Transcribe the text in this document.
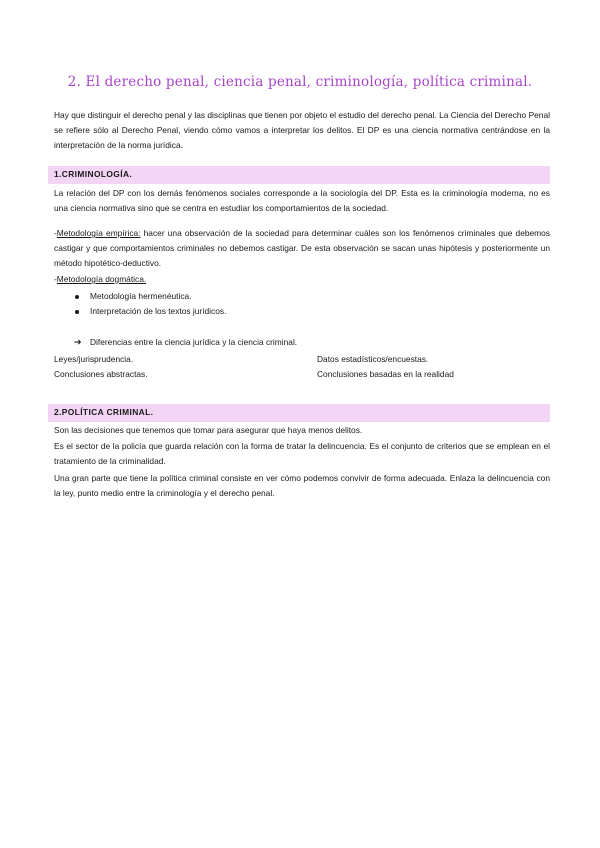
2. El derecho penal, ciencia penal, criminología, política criminal.

Hay que distinguir el derecho penal y las disciplinas que tienen por objeto el estudio del derecho penal. La Ciencia del Derecho Penal se refiere sólo al Derecho Penal, viendo cómo vamos a interpretar los delitos. El DP es una ciencia normativa centrándose en la interpretación de la norma jurídica.

1.CRIMINOLOGÍA.

La relación del DP con los demás fenómenos sociales corresponde a la sociología del DP. Esta es la criminología moderna, no es una ciencia normativa sino que se centra en estudiar los comportamientos de la sociedad.

-Metodología empírica: hacer una observación de la sociedad para determinar cuáles son los fenómenos criminales que debemos castigar y que comportamientos criminales no debemos castigar. De esta observación se sacan unas hipótesis y posteriormente un método hipotético-deductivo.

-Metodología dogmática.
Metodología hermenéutica.
Interpretación de los textos jurídicos.
➔ Diferencias entre la ciencia jurídica y la ciencia criminal.
Leyes/jurisprudencia.	Datos estadísticos/encuestas.
Conclusiones abstractas.	Conclusiones basadas en la realidad
2.POLÍTICA CRIMINAL.
Son las decisiones que tenemos que tomar para asegurar que haya menos delitos.

Es el sector de la policía que guarda relación con la forma de tratar la delincuencia. Es el conjunto de criterios que se emplean en el tratamiento de la criminalidad.

Una gran parte que tiene la política criminal consiste en ver cómo podemos convivir de forma adecuada. Enlaza la delincuencia con la ley, punto medio entre la criminología y el derecho penal.
